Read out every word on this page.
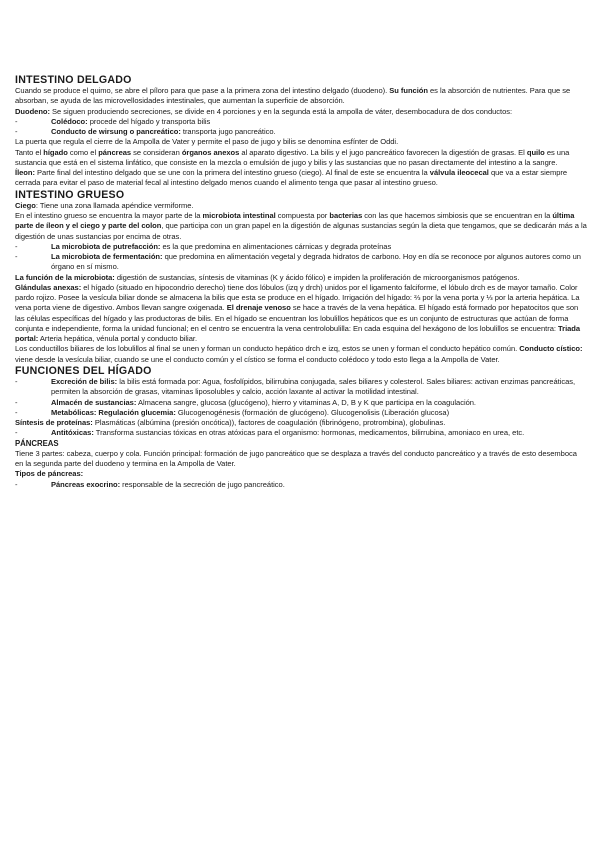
INTESTINO DELGADO

Cuando se produce el quimo, se abre el píloro para que pase a la primera zona del intestino delgado (duodeno). Su función es la absorción de nutrientes. Para que se absorban, se ayuda de las microvellosidades intestinales, que aumentan la superficie de absorción.

Duodeno: Se siguen produciendo secreciones, se divide en 4 porciones y en la segunda está la ampolla de váter, desembocadura de dos conductos:

-	Colédoco: procede del hígado y transporta bilis
-	Conducto de wirsung o pancreático: transporta jugo pancreático.

La puerta que regula el cierre de la Ampolla de Vater y permite el paso de jugo y bilis se denomina esfínter de Oddi.

Tanto el hígado como el páncreas se consideran órganos anexos al aparato digestivo. La bilis y el jugo pancreático favorecen la digestión de grasas. El quilo es una sustancia que está en el sistema linfático, que consiste en la mezcla o emulsión de jugo y bilis y las sustancias que no pasan directamente del intestino a la sangre.

Íleon: Parte final del intestino delgado que se une con la primera del intestino grueso (ciego). Al final de este se encuentra la válvula ileocecal que va a estar siempre cerrada para evitar el paso de material fecal al intestino delgado menos cuando el alimento tenga que pasar al intestino grueso.

INTESTINO GRUESO

Ciego: Tiene una zona llamada apéndice vermiforme.

En el intestino grueso se encuentra la mayor parte de la microbiota intestinal compuesta por bacterias con las que hacemos simbiosis que se encuentran en la última parte de íleon y el ciego y parte del colon, que participa con un gran papel en la digestión de algunas sustancias según la dieta que tengamos, que se dedicarán más a la digestión de unas sustancias por encima de otras.

-	La microbiota de putrefacción: es la que predomina en alimentaciones cárnicas y degrada proteínas
-	La microbiota de fermentación: que predomina en alimentación vegetal y degrada hidratos de carbono. Hoy en día se reconoce por algunos autores como un órgano en sí mismo.

La función de la microbiota: digestión de sustancias, síntesis de vitaminas (K y ácido fólico) e impiden la proliferación de microorganismos patógenos.

Glándulas anexas: el hígado (situado en hipocondrio derecho) tiene dos lóbulos (izq y drch) unidos por el ligamento falciforme, el lóbulo drch es de mayor tamaño. Color pardo rojizo. Posee la vesícula biliar donde se almacena la bilis que esta se produce en el hígado. Irrigación del hígado: ⅔ por la vena porta y ⅓ por la arteria hepática. La vena porta viene de digestivo. Ambos llevan sangre oxigenada. El drenaje venoso se hace a través de la vena hepática. El hígado está formado por hepatocitos que son las células específicas del hígado y las productoras de bilis. En el hígado se encuentran los lobulillos hepáticos que es un conjunto de estructuras que actúan de forma conjunta e independiente, forma la unidad funcional; en el centro se encuentra la vena centrolobulilla: En cada esquina del hexágono de los lobulillos se encuentra: Triada portal: Arteria hepática, vénula portal y conducto biliar.

Los conductillos biliares de los lobulillos al final se unen y forman un conducto hepático drch e izq, estos se unen y forman el conducto hepático común. Conducto cístico: viene desde la vesícula biliar, cuando se une el conducto común y el cístico se forma el conducto colédoco y todo esto llega a la Ampolla de Vater.

FUNCIONES DEL HÍGADO
-	Excreción de bilis: la bilis está formada por: Agua, fosfolípidos, bilirrubina conjugada, sales biliares y colesterol. Sales biliares: activan enzimas pancreáticas, permiten la absorción de grasas, vitaminas liposolubles y calcio, acción laxante al activar la motilidad intestinal.
-	Almacén de sustancias: Almacena sangre, glucosa (glucógeno), hierro y vitaminas A, D, B y K que participa en la coagulación.
-	Metabólicas: Regulación glucemia: Glucogenogénesis (formación de glucógeno). Glucogenolisis (Liberación glucosa)

Síntesis de proteínas: Plasmáticas (albúmina (presión oncótica)), factores de coagulación (fibrinógeno, protrombina), globulinas.

-	Antitóxicas: Transforma sustancias tóxicas en otras atóxicas para el organismo: hormonas, medicamentos, bilirrubina, amoniaco en urea, etc.
PÁNCREAS

Tiene 3 partes: cabeza, cuerpo y cola. Función principal: formación de jugo pancreático que se desplaza a través del conducto pancreático y a través de esto desemboca en la segunda parte del duodeno y termina en la Ampolla de Vater.

Tipos de páncreas:

-	Páncreas exocrino: responsable de la secreción de jugo pancreático.
